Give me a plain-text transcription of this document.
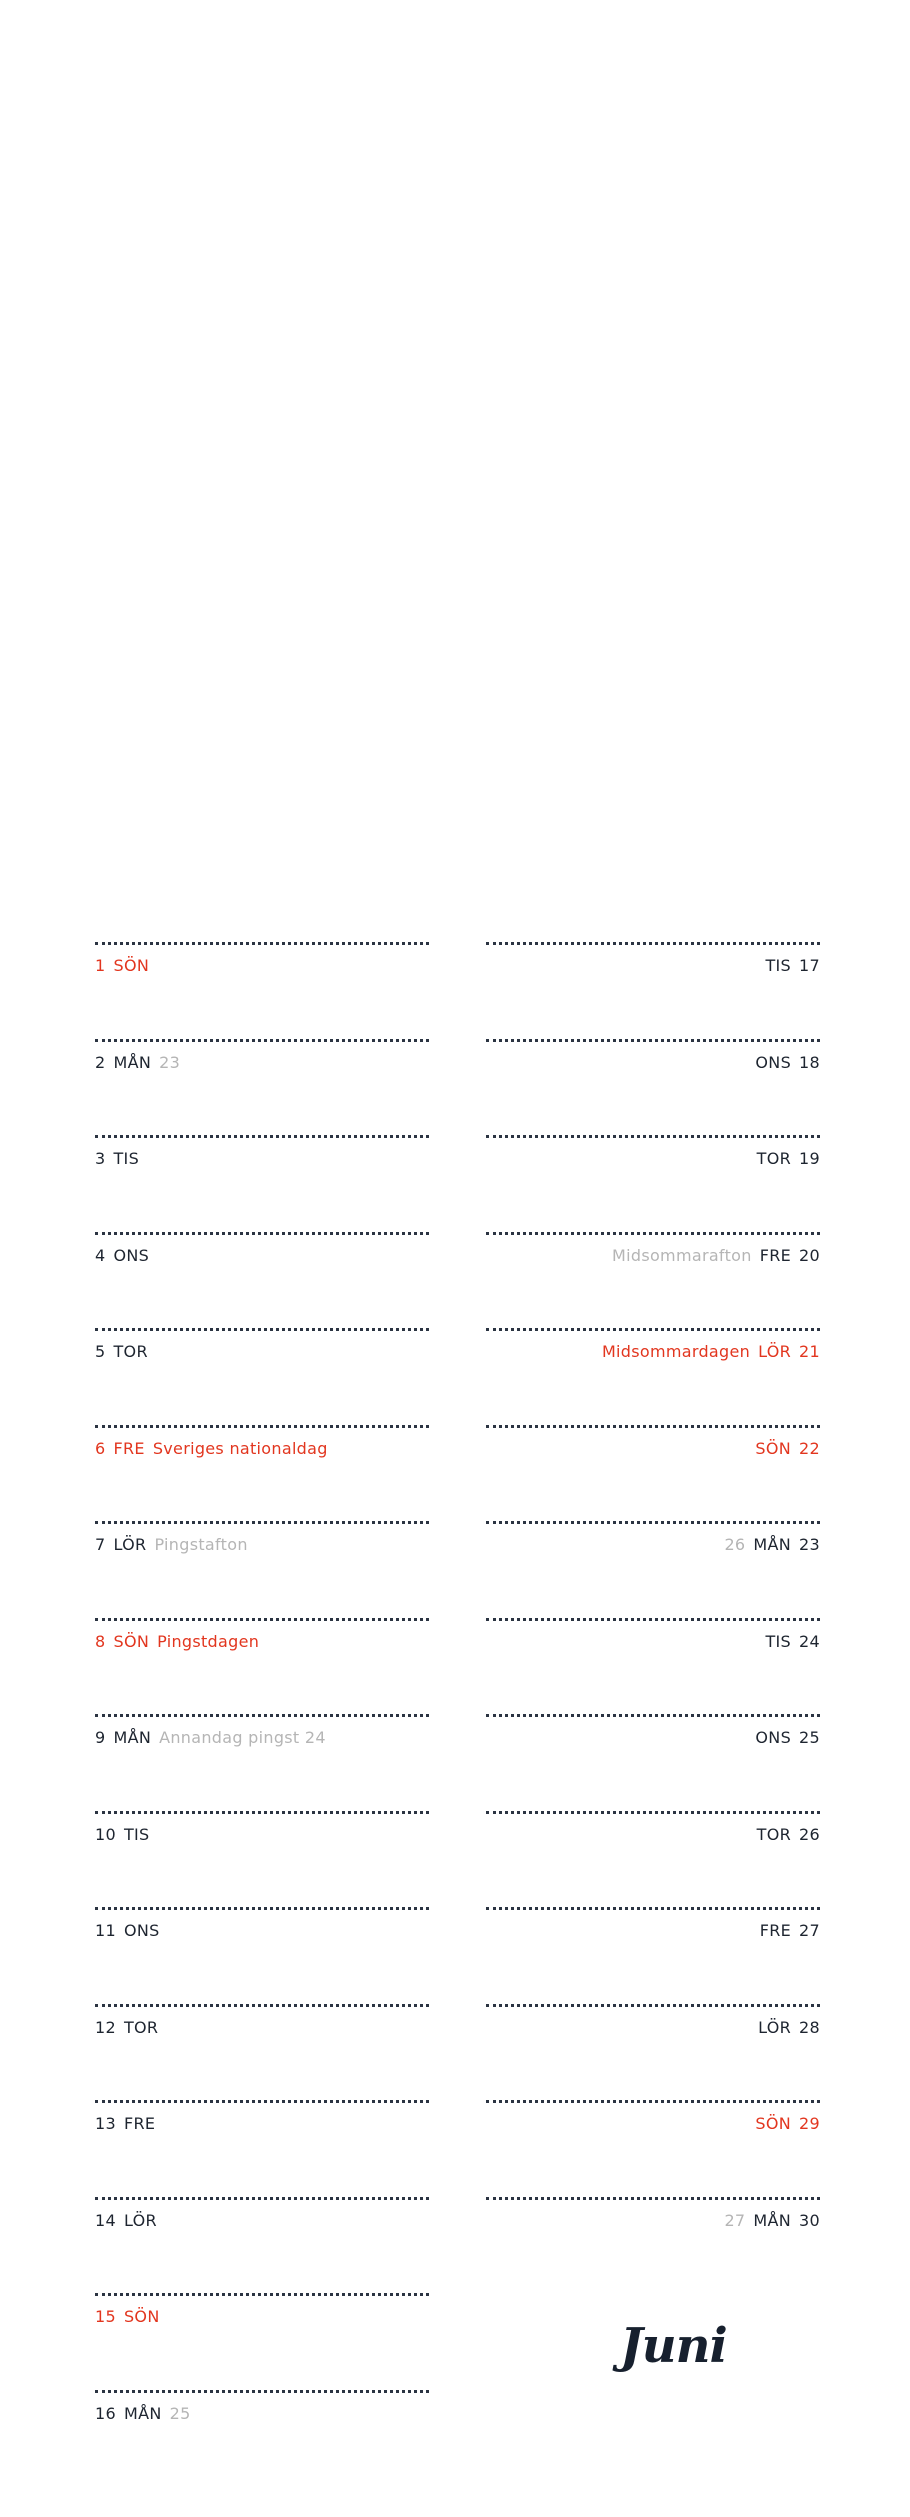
1 SÖN
2 MÅN 23
3 TIS
4 ONS
5 TOR
6 FRE Sveriges nationaldag
7 LÖR Pingstafton
8 SÖN Pingstdagen
9 MÅN Annandag pingst 24
10 TIS
11 ONS
12 TOR
13 FRE
14 LÖR
15 SÖN
16 MÅN 25
TIS 17
ONS 18
TOR 19
Midsommarafton FRE 20
Midsommardagen LÖR 21
SÖN 22
26 MÅN 23
TIS 24
ONS 25
TOR 26
FRE 27
LÖR 28
SÖN 29
27 MÅN 30
Juni
